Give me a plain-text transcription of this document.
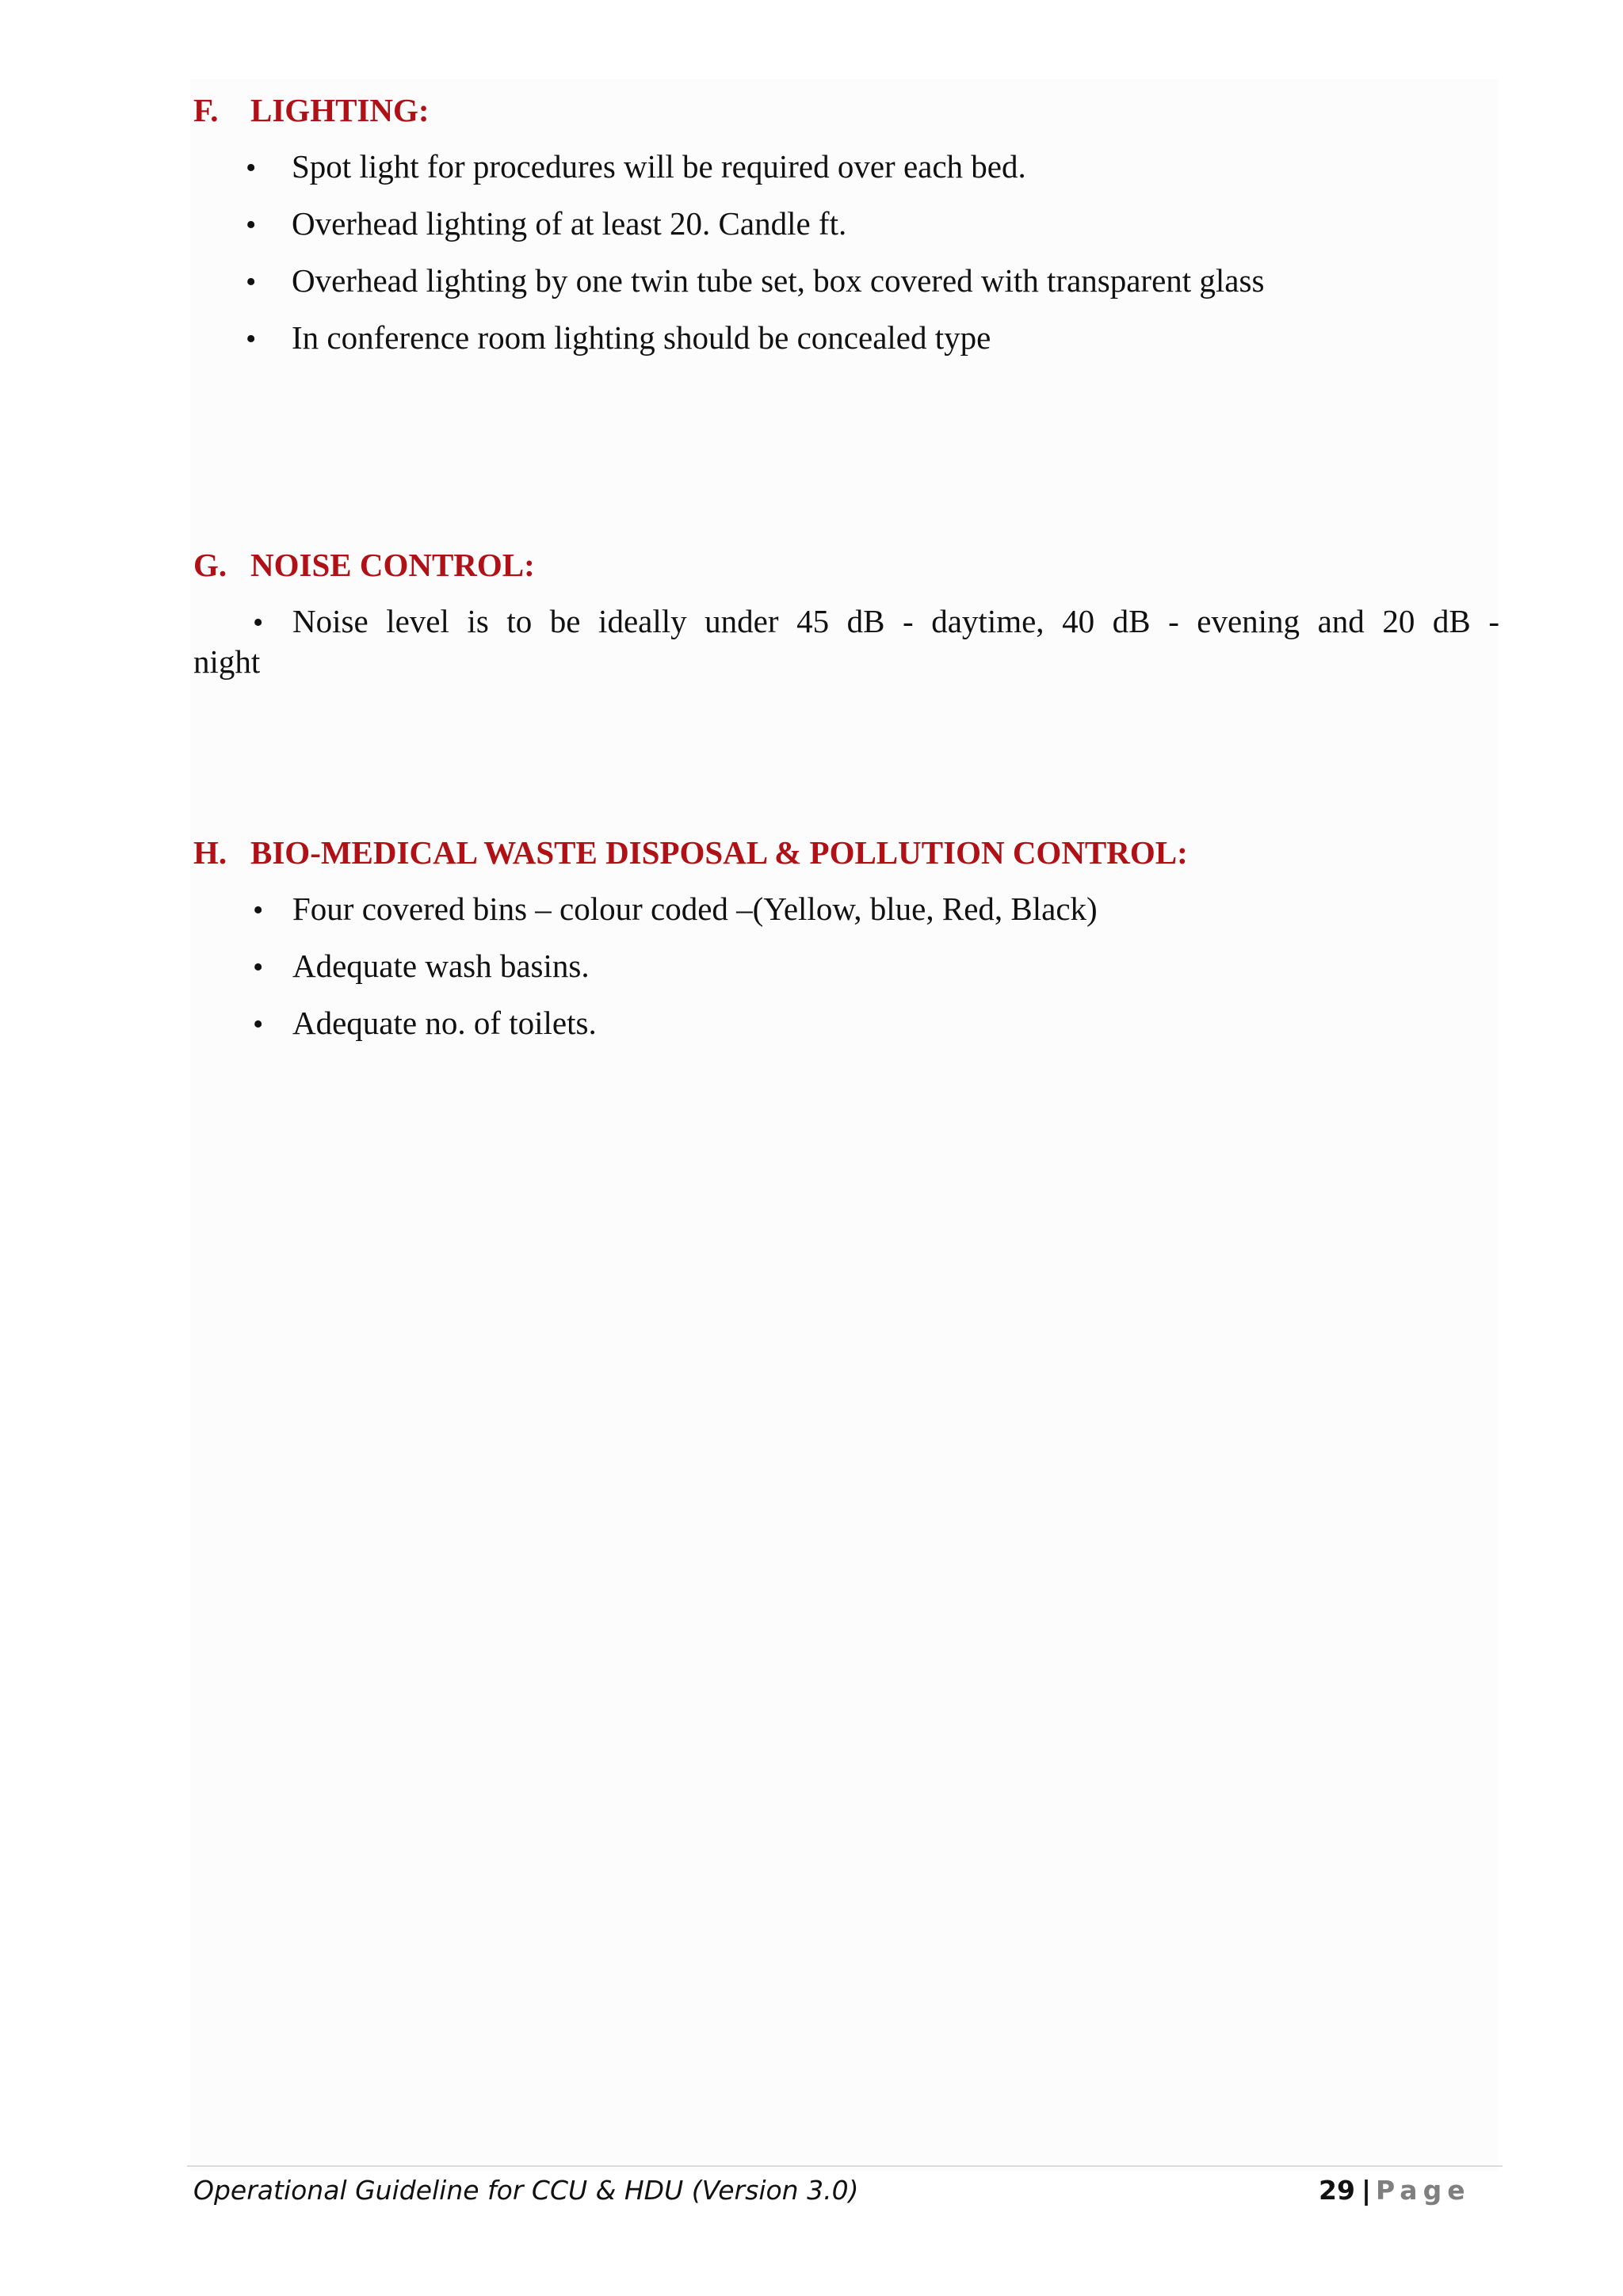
F. LIGHTING:
• Spot light for procedures will be required over each bed.
• Overhead lighting of at least 20. Candle ft.
• Overhead lighting by one twin tube set, box covered with transparent glass
• In conference room lighting should be concealed type
G. NOISE CONTROL:
• Noise level is to be ideally under 45 dB - daytime, 40 dB - evening and 20 dB -
night
H. BIO-MEDICAL WASTE DISPOSAL & POLLUTION CONTROL:
• Four covered bins – colour coded –(Yellow, blue, Red, Black)
• Adequate wash basins.
• Adequate no. of toilets.
Operational Guideline for CCU & HDU (Version 3.0)	29 | Page
